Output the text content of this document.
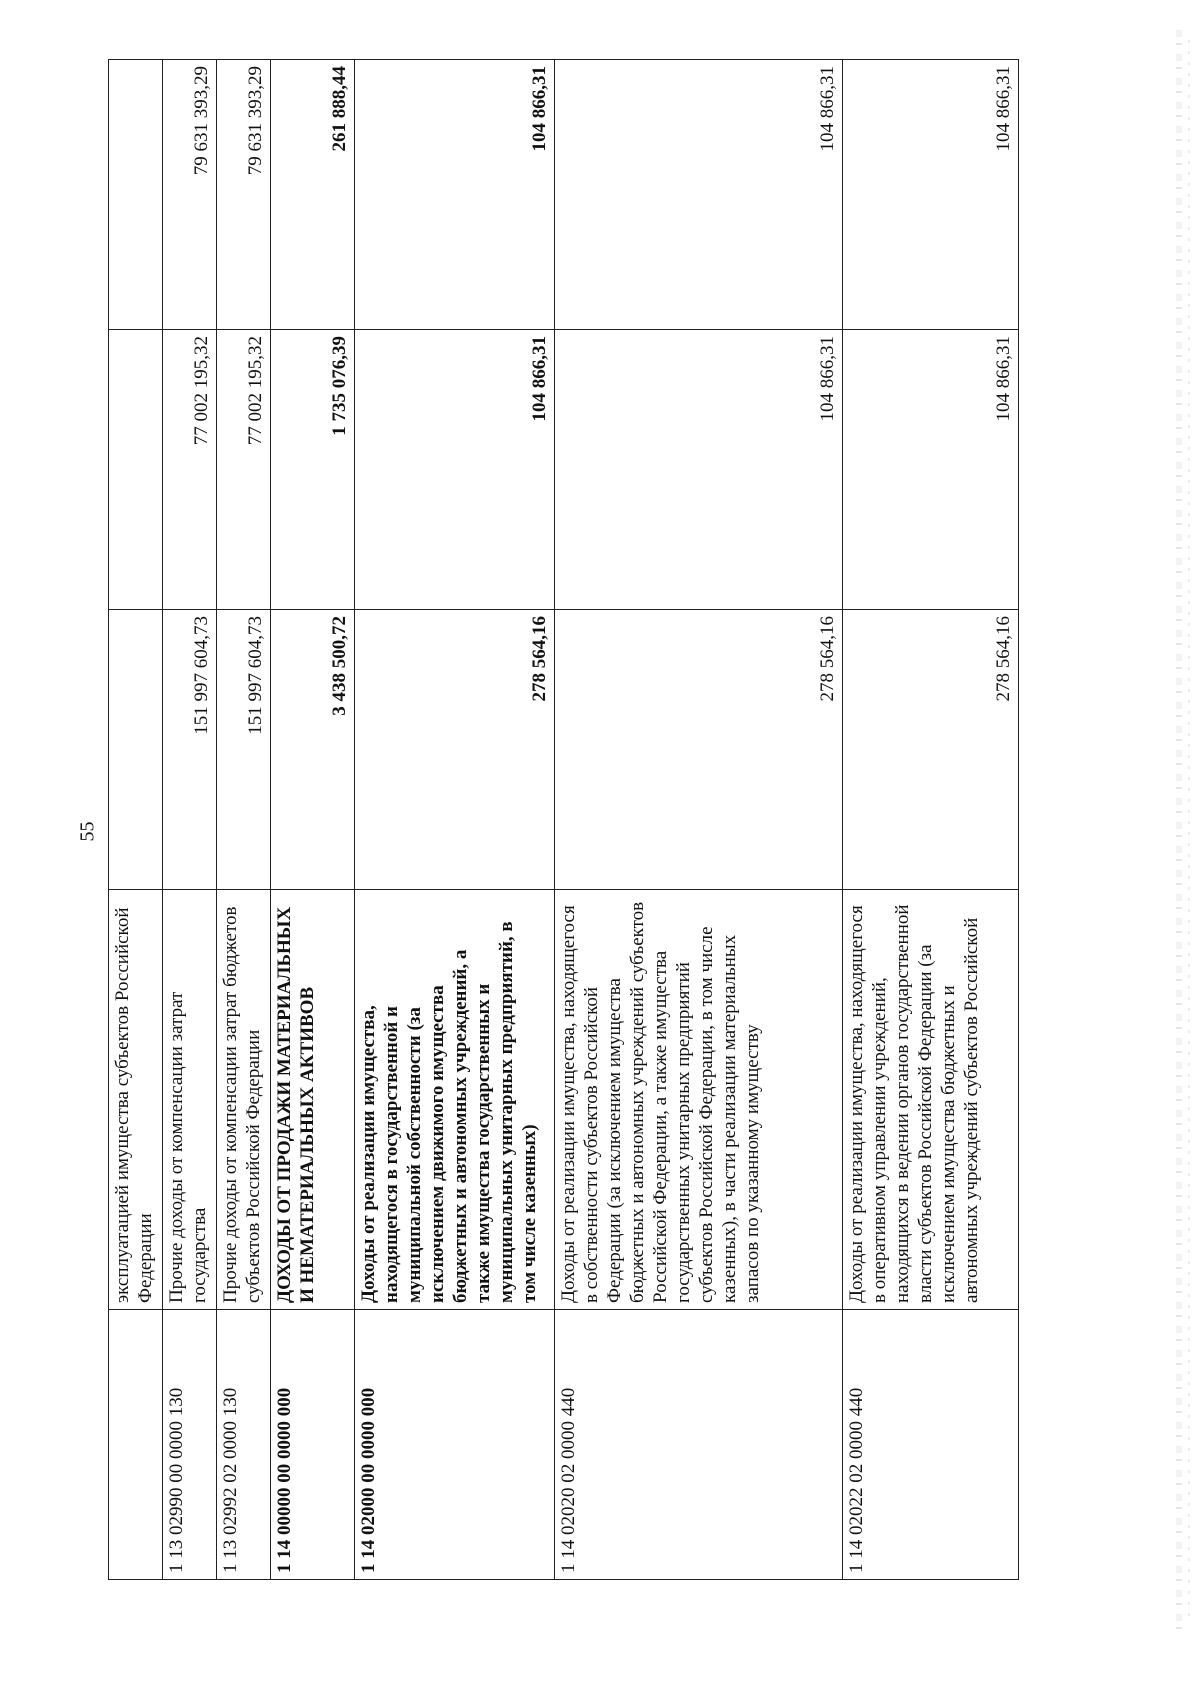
55
	эксплуатацией имущества субъектов Российской Федерации			
1 13 02990 00 0000 130	Прочие доходы от компенсации затрат государства	151 997 604,73	77 002 195,32	79 631 393,29
1 13 02992 02 0000 130	Прочие доходы от компенсации затрат бюджетов субъектов Российской Федерации	151 997 604,73	77 002 195,32	79 631 393,29
1 14 00000 00 0000 000	ДОХОДЫ ОТ ПРОДАЖИ МАТЕРИАЛЬНЫХ И НЕМАТЕРИАЛЬНЫХ АКТИВОВ	3 438 500,72	1 735 076,39	261 888,44
1 14 02000 00 0000 000	Доходы от реализации имущества, находящегося в государственной и муниципальной собственности (за исключением движимого имущества бюджетных и автономных учреждений, а также имущества государственных и муниципальных унитарных предприятий, в том числе казенных)	278 564,16	104 866,31	104 866,31
1 14 02020 02 0000 440	Доходы от реализации имущества, находящегося в собственности субъектов Российской Федерации (за исключением имущества бюджетных и автономных учреждений субъектов Российской Федерации, а также имущества государственных унитарных предприятий субъектов Российской Федерации, в том числе казенных), в части реализации материальных запасов по указанному имуществу	278 564,16	104 866,31	104 866,31
1 14 02022 02 0000 440	Доходы от реализации имущества, находящегося в оперативном управлении учреждений, находящихся в ведении органов государственной власти субъектов Российской Федерации (за исключением имущества бюджетных и автономных учреждений субъектов Российской	278 564,16	104 866,31	104 866,31
